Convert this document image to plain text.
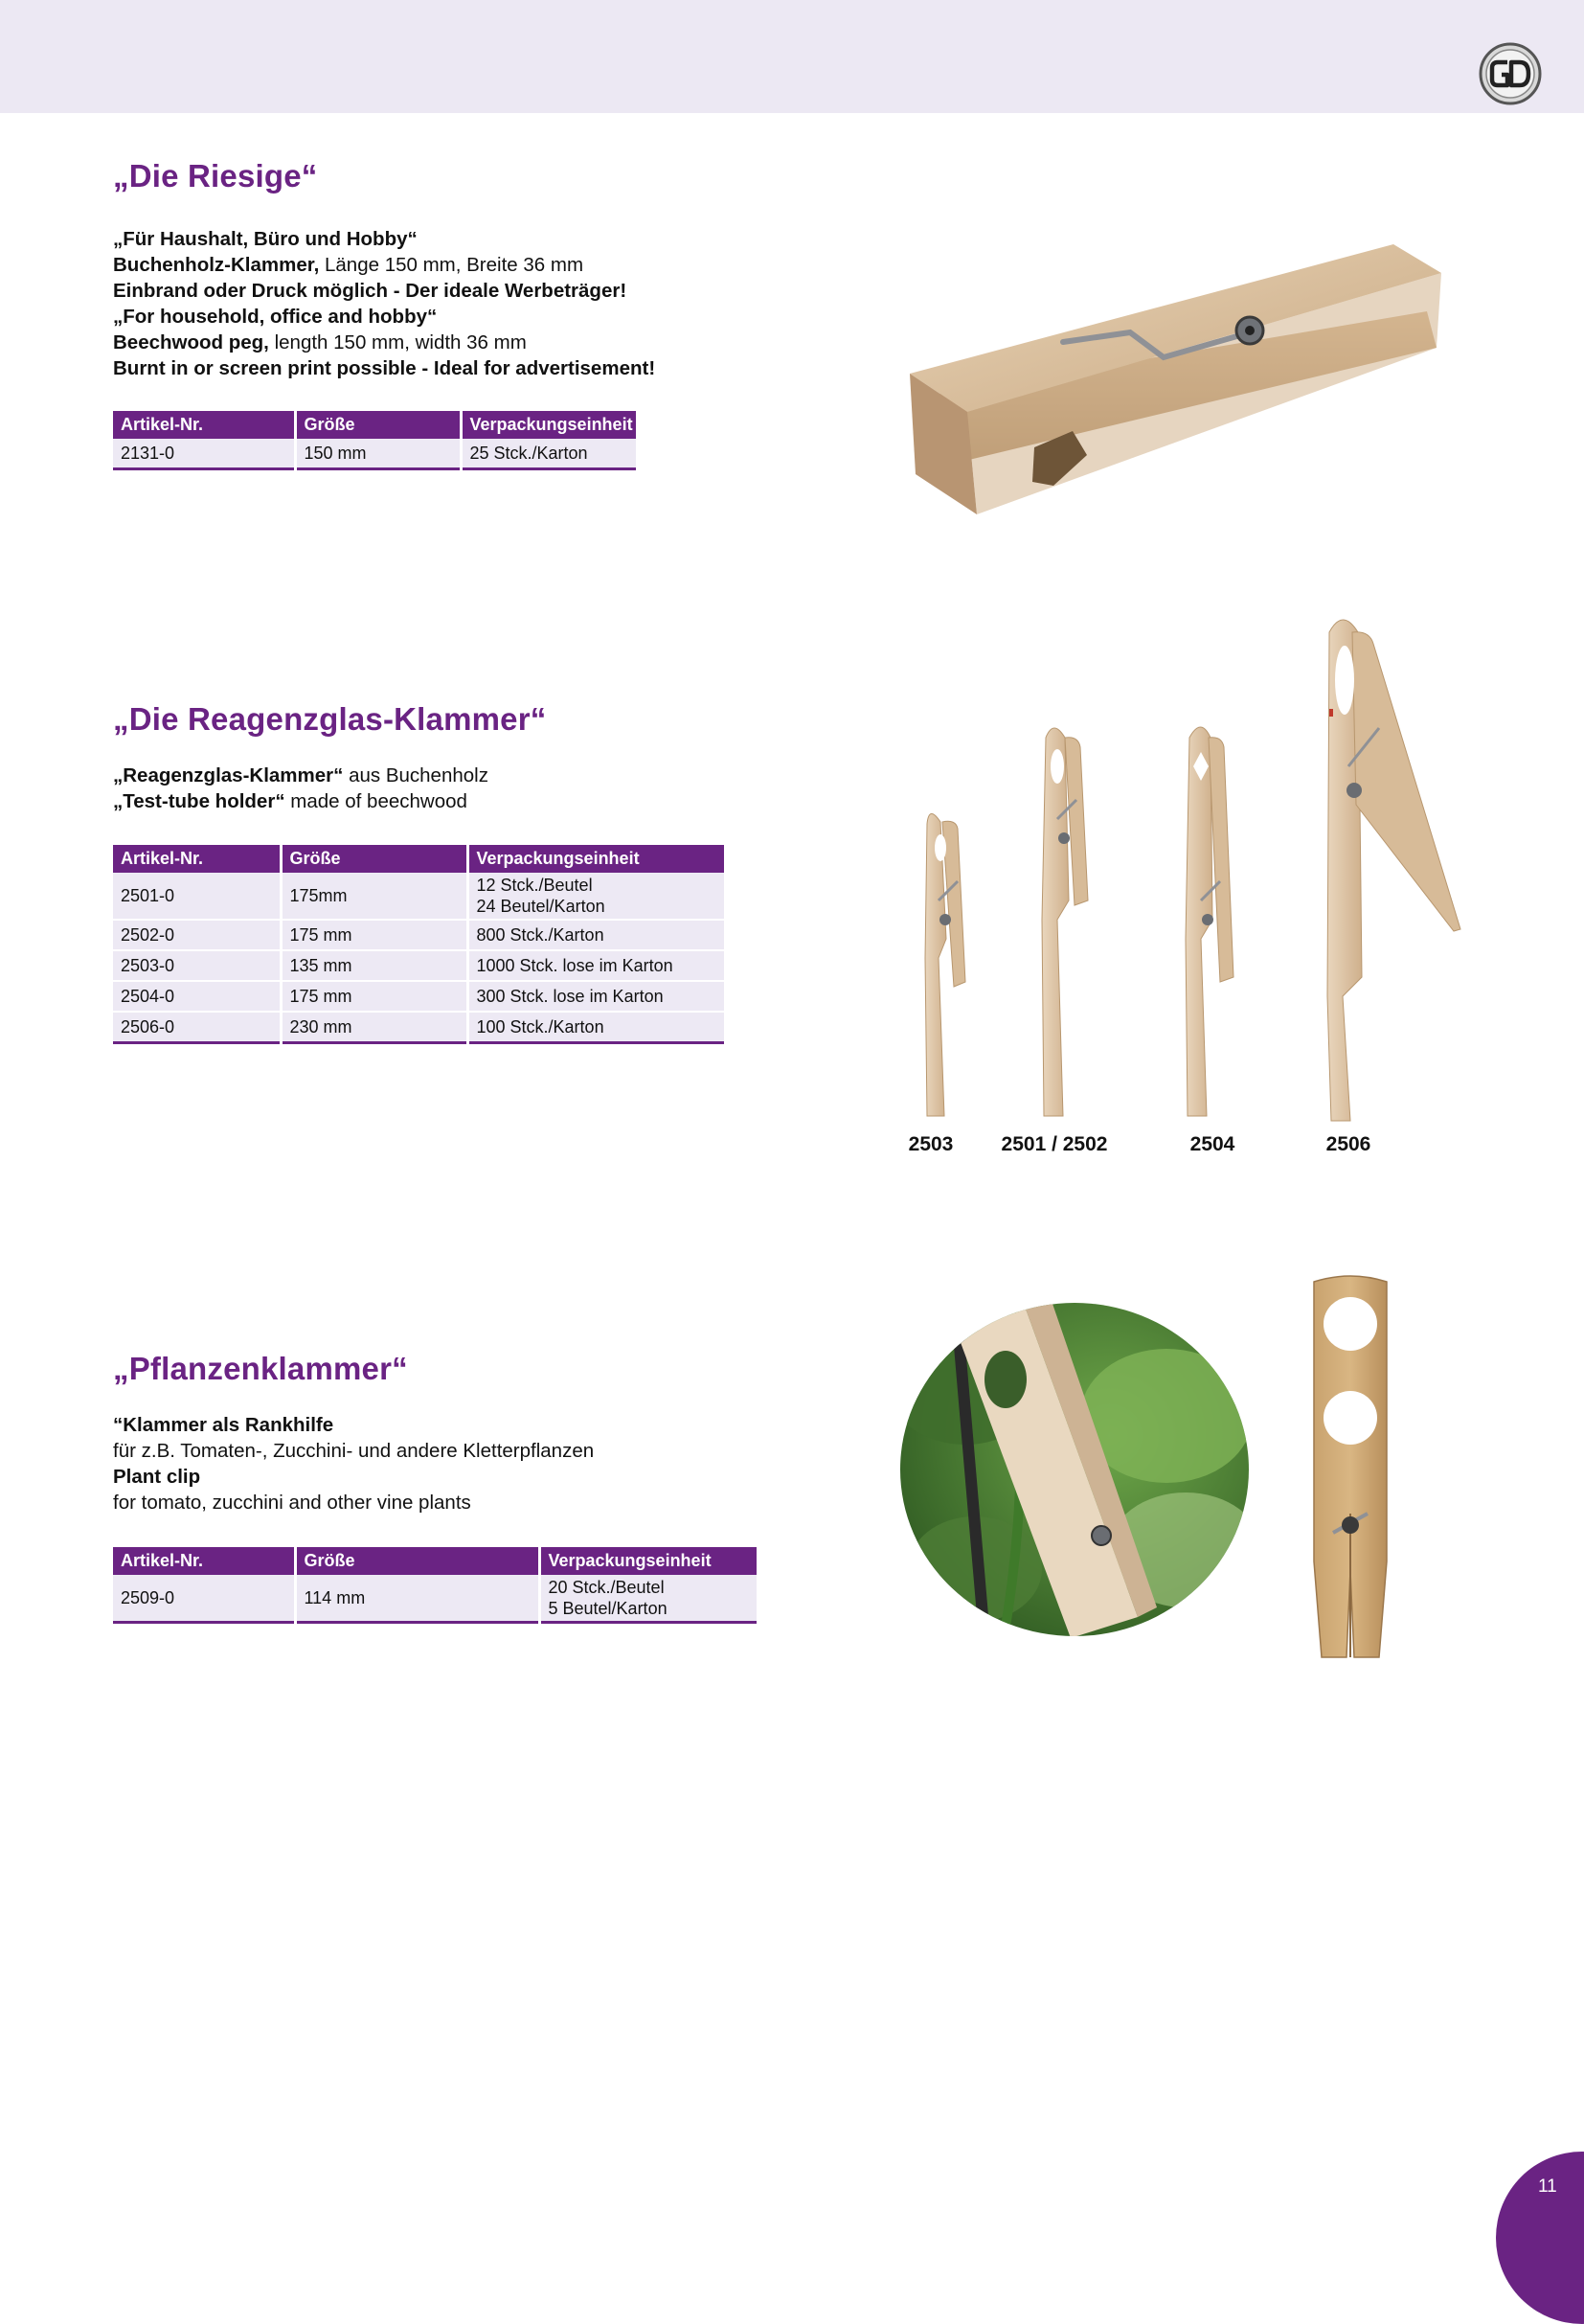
„Die Riesige“
„Für Haushalt, Büro und Hobby“
Buchenholz-Klammer, Länge 150 mm, Breite 36 mm
Einbrand oder Druck möglich - Der ideale Werbeträger!
„For household, office and hobby“
Beechwood peg, length 150 mm, width 36 mm
Burnt in or screen print possible - Ideal for advertisement!
Artikel-Nr.	Größe	Verpackungseinheit

2131-0	150 mm	25 Stck./Karton
„Die Reagenzglas-Klammer“
„Reagenzglas-Klammer“ aus Buchenholz
„Test-tube holder“ made of beechwood
Artikel-Nr.	Größe	Verpackungseinheit

2501-0	175mm	12 Stck./Beutel
24 Beutel/Karton

2502-0	175 mm	800 Stck./Karton

2503-0	135 mm	1000 Stck. lose im Karton

2504-0	175 mm	300 Stck. lose im Karton

2506-0	230 mm	100 Stck./Karton
2503 2501 / 2502	2504	2506
„Pflanzenklammer“
“Klammer als Rankhilfe
für z.B. Tomaten-, Zucchini- und andere Kletterpflanzen
Plant clip
for tomato, zucchini and other vine plants
Artikel-Nr.	Größe	Verpackungseinheit

2509-0	114 mm	20 Stck./Beutel
5 Beutel/Karton
11
